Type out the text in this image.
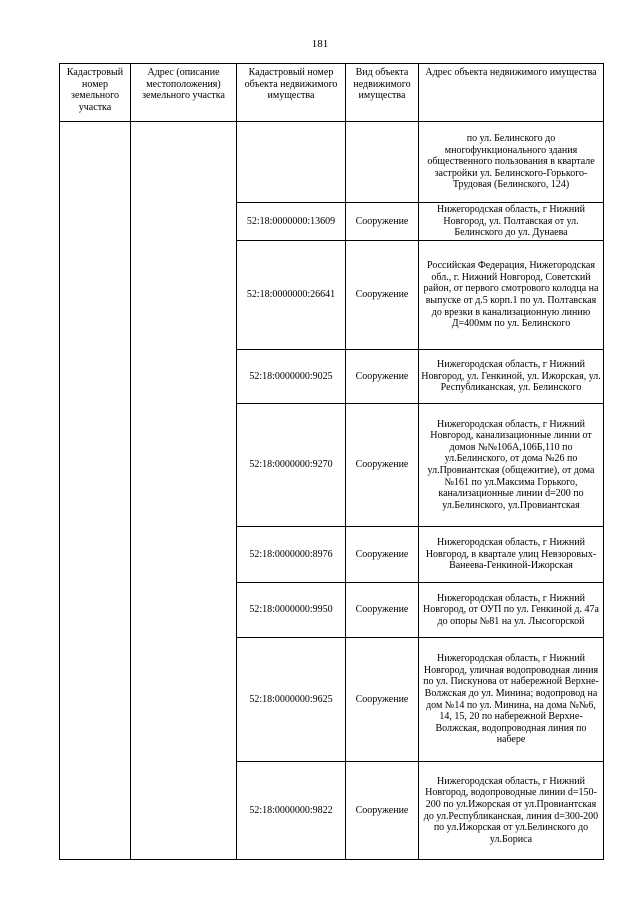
181
Кадастровый номер земельного участка	Адрес (описание местоположения) земельного участка	Кадастровый номер объекта недвижимого имущества	Вид объекта недвижимого имущества	Адрес объекта недвижимого имущества
				по ул. Белинского до многофункционального здания общественного пользования в квартале застройки ул. Белинского-Горького-Трудовая (Белинского, 124)
		52:18:0000000:13609	Сооружение	Нижегородская область, г Нижний Новгород, ул. Полтавская от ул. Белинского до ул. Дунаева
		52:18:0000000:26641	Сооружение	Российская Федерация, Нижегородская обл., г. Нижний Новгород, Советский район, от первого смотрового колодца на выпуске от д.5 корп.1 по ул. Полтавская до врезки в канализационную линию Д=400мм по ул. Белинского
		52:18:0000000:9025	Сооружение	Нижегородская область, г Нижний Новгород, ул. Генкиной, ул. Ижорская, ул. Республиканская, ул. Белинского
		52:18:0000000:9270	Сооружение	Нижегородская область, г Нижний Новгород, канализационные линии от домов №№106А,106Б,110 по ул.Белинского, от дома №26 по ул.Провиантская (общежитие), от дома №161 по ул.Максима Горького, канализационные линии d=200 по ул.Белинского, ул.Провиантская
		52:18:0000000:8976	Сооружение	Нижегородская область, г Нижний Новгород, в квартале улиц Невзоровых-Ванеева-Генкиной-Ижорская
		52:18:0000000:9950	Сооружение	Нижегородская область, г Нижний Новгород, от ОУП по ул. Генкиной д. 47а до опоры №81 на ул. Лысогорской
		52:18:0000000:9625	Сооружение	Нижегородская область, г Нижний Новгород, уличная водопроводная линия по ул. Пискунова от набережной Верхне-Волжская до ул. Минина; водопровод на дом №14 по ул. Минина, на дома №№6, 14, 15, 20 по набережной Верхне-Волжская, водопроводная линия по набере
		52:18:0000000:9822	Сооружение	Нижегородская область, г Нижний Новгород, водопроводные линии d=150-200 по ул.Ижорская от ул.Провиантская до ул.Республиканская, линия d=300-200 по ул.Ижорская от ул.Белинского до ул.Бориса
